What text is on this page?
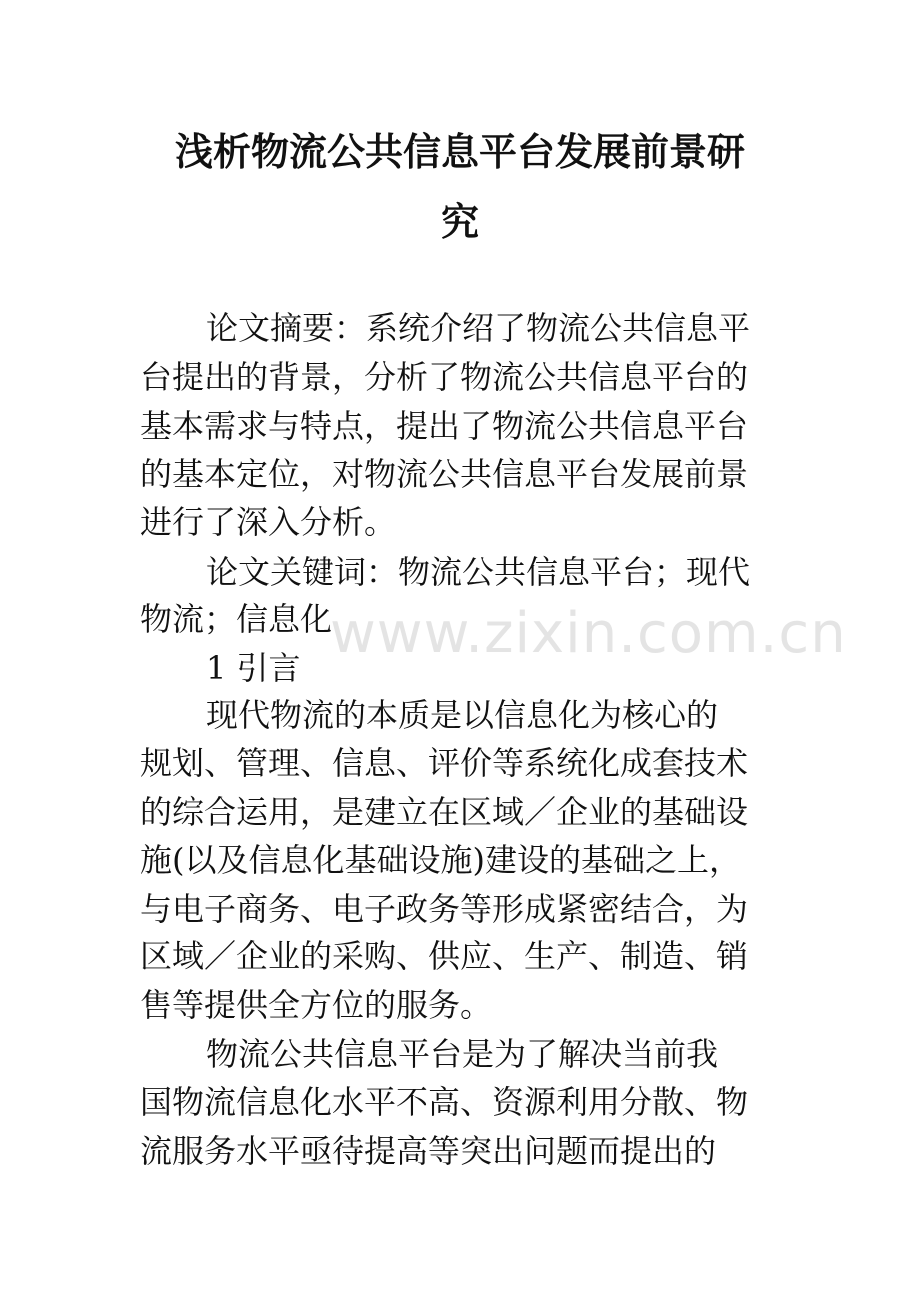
浅析物流公共信息平台发展前景研
究

论文摘要：系统介绍了物流公共信息平

台提出的背景，分析了物流公共信息平台的

基本需求与特点，提出了物流公共信息平台

的基本定位，对物流公共信息平台发展前景

进行了深入分析。

论文关键词：物流公共信息平台；现代

物流；信息化

1 引言

现代物流的本质是以信息化为核心的

规划、管理、信息、评价等系统化成套技术

的综合运用，是建立在区域／企业的基础设

施(以及信息化基础设施)建设的基础之上，

与电子商务、电子政务等形成紧密结合，为

区域／企业的采购、供应、生产、制造、销

售等提供全方位的服务。

物流公共信息平台是为了解决当前我

国物流信息化水平不高、资源利用分散、物

流服务水平亟待提高等突出问题而提出的

www.zixin.com.cn
